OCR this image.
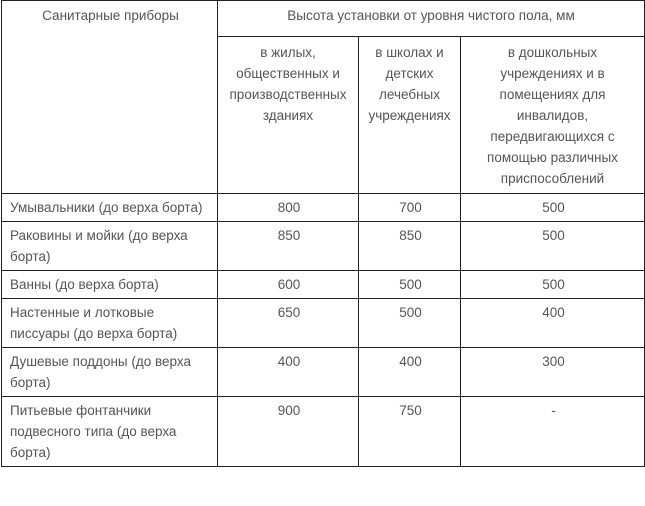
Санитарные приборы	Высота установки от уровня чистого пола, мм		
	в жилых, общественных и производственных зданиях	в школах и детских лечебных учреждениях	в дошкольных учреждениях и в помещениях для инвалидов, передвигающихся с помощью различных приспособлений
Умывальники (до верха борта)	800	700	500
Раковины и мойки (до верха борта)	850	850	500
Ванны (до верха борта)	600	500	500
Настенные и лотковые писсуары (до верха борта)	650	500	400
Душевые поддоны (до верха борта)	400	400	300
Питьевые фонтанчики подвесного типа (до верха борта)	900	750	-
